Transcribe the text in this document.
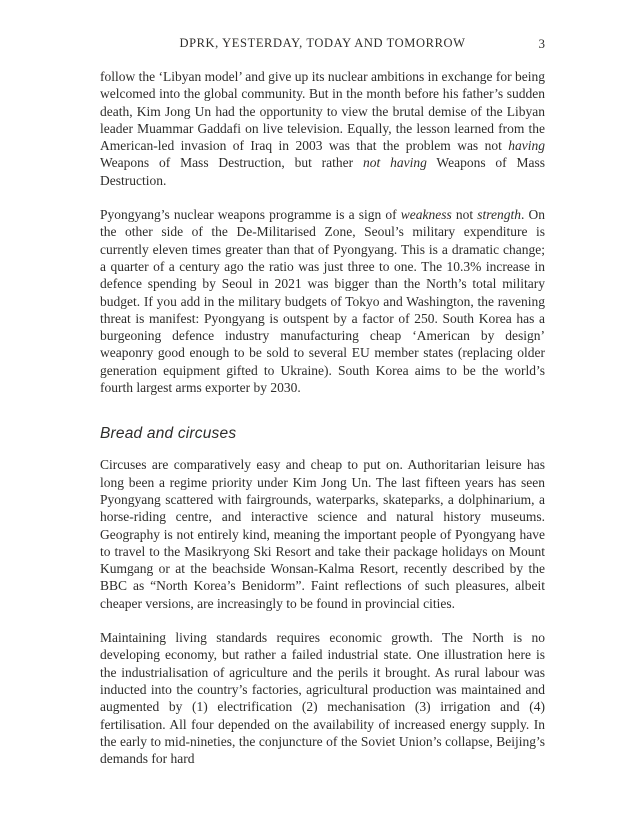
DPRK, YESTERDAY, TODAY AND TOMORROW	3

follow the ‘Libyan model’ and give up its nuclear ambitions in exchange for being welcomed into the global community. But in the month before his father’s sudden death, Kim Jong Un had the opportunity to view the brutal demise of the Libyan leader Muammar Gaddafi on live television. Equally, the lesson learned from the American-led invasion of Iraq in 2003 was that the problem was not having Weapons of Mass Destruction, but rather not having Weapons of Mass Destruction.

Pyongyang’s nuclear weapons programme is a sign of weakness not strength. On the other side of the De-Militarised Zone, Seoul’s military expenditure is currently eleven times greater than that of Pyongyang. This is a dramatic change; a quarter of a century ago the ratio was just three to one. The 10.3% increase in defence spending by Seoul in 2021 was bigger than the North’s total military budget. If you add in the military budgets of Tokyo and Washington, the ravening threat is manifest: Pyongyang is outspent by a factor of 250. South Korea has a burgeoning defence industry manufacturing cheap ‘American by design’ weaponry good enough to be sold to several EU member states (replacing older generation equipment gifted to Ukraine). South Korea aims to be the world’s fourth largest arms exporter by 2030.

Bread and circuses

Circuses are comparatively easy and cheap to put on. Authoritarian leisure has long been a regime priority under Kim Jong Un. The last fifteen years has seen Pyongyang scattered with fairgrounds, waterparks, skateparks, a dolphinarium, a horse-riding centre, and interactive science and natural history museums. Geography is not entirely kind, meaning the important people of Pyongyang have to travel to the Masikryong Ski Resort and take their package holidays on Mount Kumgang or at the beachside Wonsan-Kalma Resort, recently described by the BBC as “North Korea’s Benidorm”. Faint reflections of such pleasures, albeit cheaper versions, are increasingly to be found in provincial cities.

Maintaining living standards requires economic growth. The North is no developing economy, but rather a failed industrial state. One illustration here is the industrialisation of agriculture and the perils it brought. As rural labour was inducted into the country’s factories, agricultural production was maintained and augmented by (1) electrification (2) mechanisation (3) irrigation and (4) fertilisation. All four depended on the availability of increased energy supply. In the early to mid-nineties, the conjuncture of the Soviet Union’s collapse, Beijing’s demands for hard
